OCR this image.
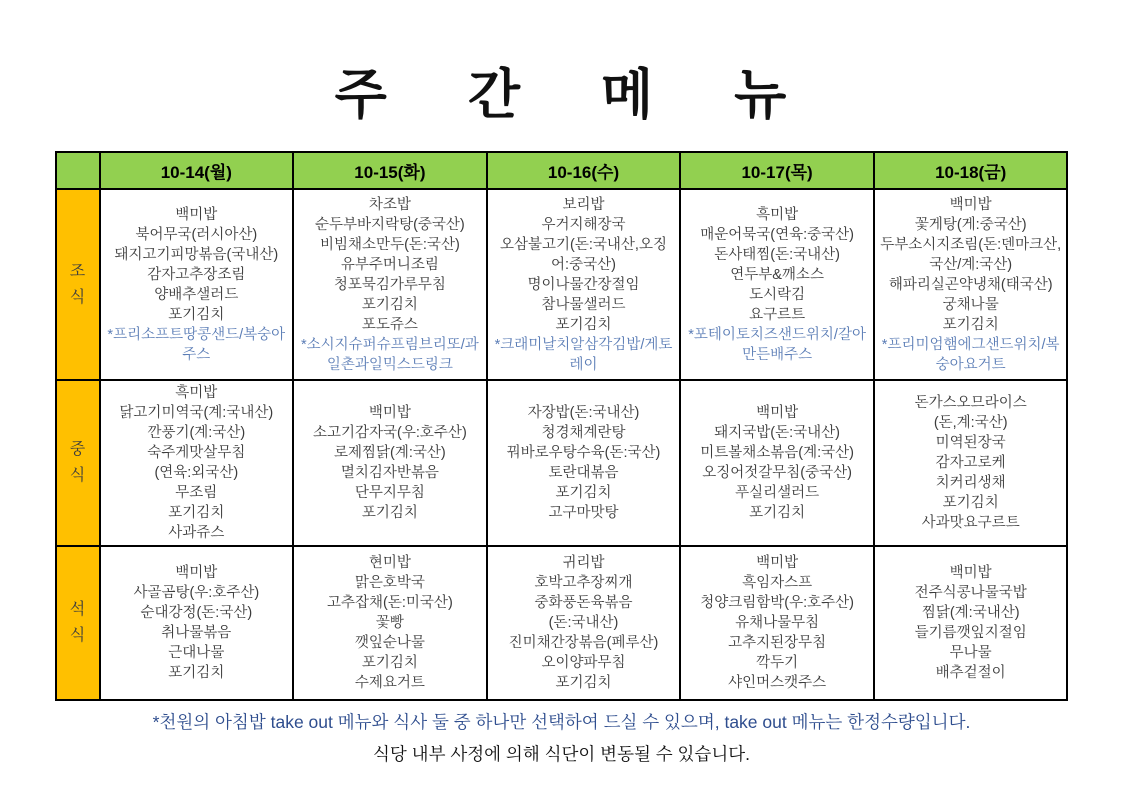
주 간 메 뉴
	10-14(월)	10-15(화)	10-16(수)	10-17(목)	10-18(금)
조식	
백미밥
북어무국(러시아산)
돼지고기피망볶음(국내산)
감자고추장조림
양배추샐러드
포기김치
*프리소프트땅콩샌드/복숭아주스

차조밥
순두부바지락탕(중국산)
비빔채소만두(돈:국산)
유부주머니조림
청포묵김가루무침
포기김치
포도쥬스
*소시지슈퍼슈프림브리또/과일촌과일믹스드링크

보리밥
우거지해장국
오삼불고기(돈:국내산,오징어:중국산)
명이나물간장절임
참나물샐러드
포기김치
*크래미날치알삼각김밥/게토레이

흑미밥
매운어묵국(연육:중국산)
돈사태찜(돈:국내산)
연두부&깨소스
도시락김
요구르트
*포테이토치즈샌드위치/갈아만든배주스

백미밥
꽃게탕(게:중국산)
두부소시지조림(돈:덴마크산,국산/계:국산)
해파리실곤약냉채(태국산)
궁채나물
포기김치
*프리미엄햄에그샌드위치/복숭아요거트

중식	
흑미밥
닭고기미역국(계:국내산)
깐풍기(계:국산)
숙주게맛살무침
(연육:외국산)
무조림
포기김치
사과쥬스

백미밥
소고기감자국(우:호주산)
로제찜닭(계:국산)
멸치김자반볶음
단무지무침
포기김치

자장밥(돈:국내산)
청경채계란탕
꿔바로우탕수육(돈:국산)
토란대볶음
포기김치
고구마맛탕

백미밥
돼지국밥(돈:국내산)
미트볼채소볶음(계:국산)
오징어젓갈무침(중국산)
푸실리샐러드
포기김치

돈가스오므라이스
(돈,계:국산)
미역된장국
감자고로케
치커리생채
포기김치
사과맛요구르트

석식	
백미밥
사골곰탕(우:호주산)
순대강정(돈:국산)
취나물볶음
근대나물
포기김치

현미밥
맑은호박국
고추잡채(돈:미국산)
꽃빵
깻잎순나물
포기김치
수제요거트

귀리밥
호박고추장찌개
중화풍돈육볶음
(돈:국내산)
진미채간장볶음(페루산)
오이양파무침
포기김치

백미밥
흑임자스프
청양크림함박(우:호주산)
유채나물무침
고추지된장무침
깍두기
샤인머스캣주스

백미밥
전주식콩나물국밥
찜닭(계:국내산)
들기름깻잎지절임
무나물
배추겉절이

*천원의 아침밥 take out 메뉴와 식사 둘 중 하나만 선택하여 드실 수 있으며, take out 메뉴는 한정수량입니다.

식당 내부 사정에 의해 식단이 변동될 수 있습니다.
